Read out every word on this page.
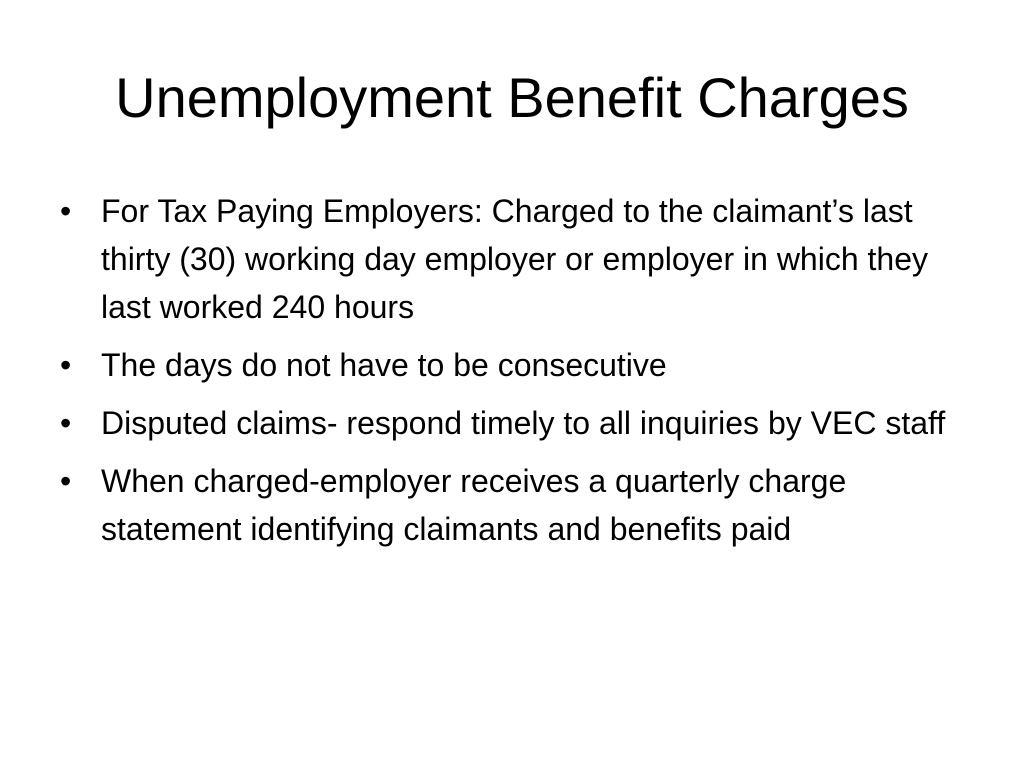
Unemployment Benefit Charges
• For Tax Paying Employers: Charged to the claimant’s last thirty (30) working day employer or employer in which they last worked 240 hours
• The days do not have to be consecutive
• Disputed claims- respond timely to all inquiries by VEC staff
• When charged-employer receives a quarterly charge statement identifying claimants and benefits paid
